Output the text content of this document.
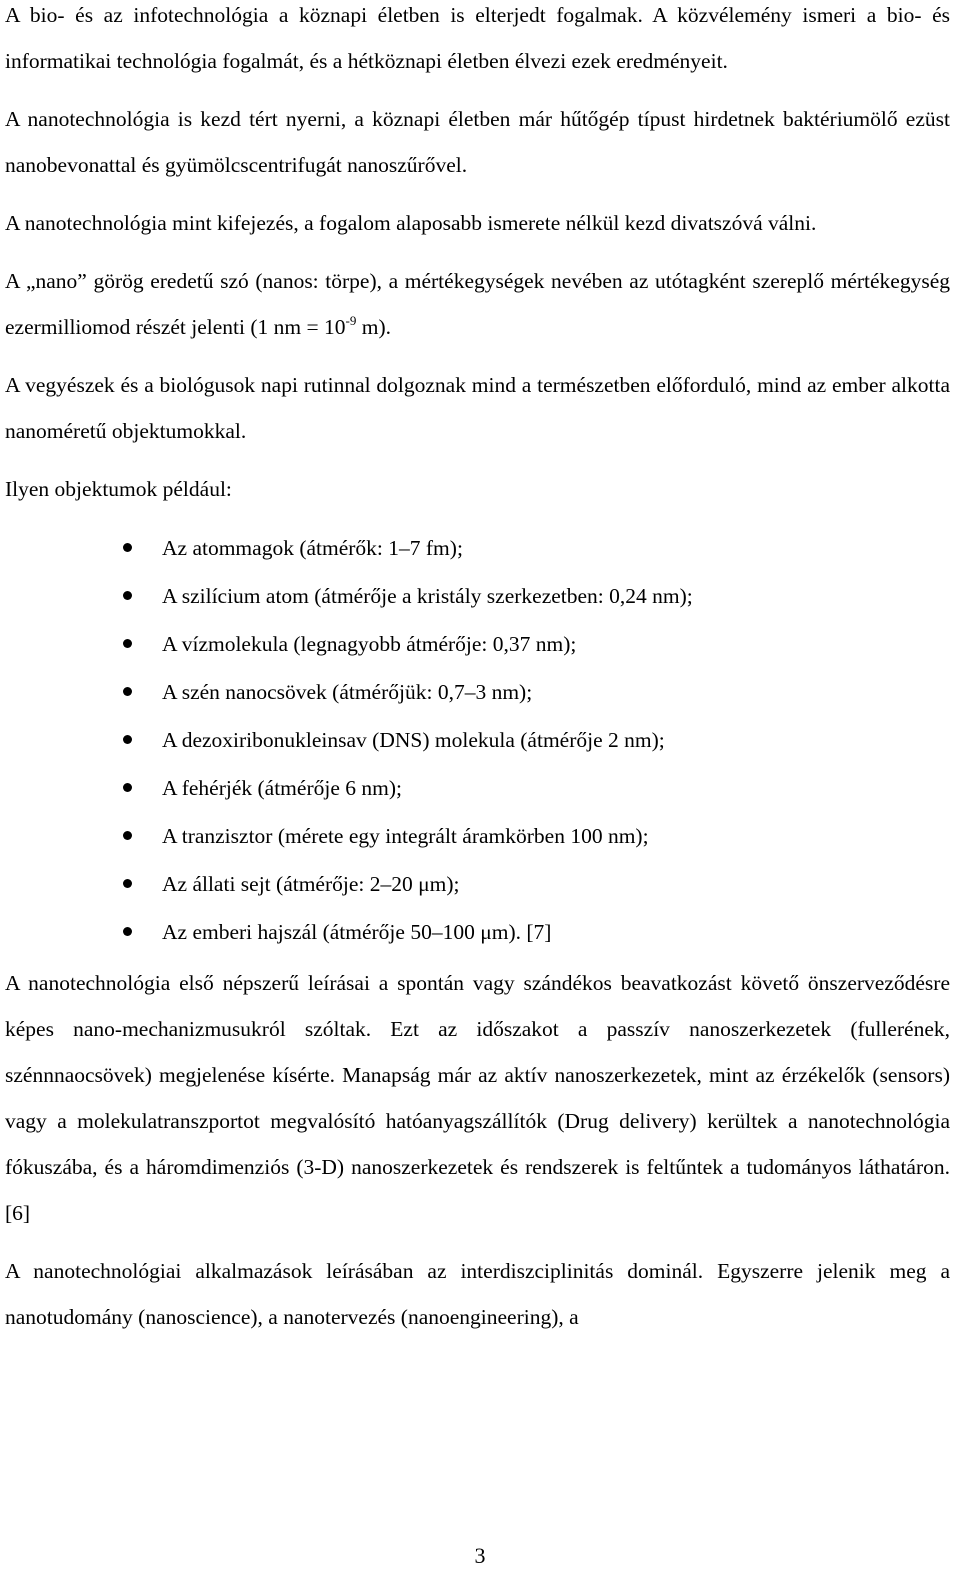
A bio- és az infotechnológia a köznapi életben is elterjedt fogalmak. A közvélemény ismeri a bio- és informatikai technológia fogalmát, és a hétköznapi életben élvezi ezek eredményeit.

A nanotechnológia is kezd tért nyerni, a köznapi életben már hűtőgép típust hirdetnek baktériumölő ezüst nanobevonattal és gyümölcscentrifugát nanoszűrővel.

A nanotechnológia mint kifejezés, a fogalom alaposabb ismerete nélkül kezd divatszóvá válni.

A „nano” görög eredetű szó (nanos: törpe), a mértékegységek nevében az utótagként szereplő mértékegység ezermilliomod részét jelenti (1 nm = $10^{-9}$ m).

A vegyészek és a biológusok napi rutinnal dolgoznak mind a természetben előforduló, mind az ember alkotta nanoméretű objektumokkal.

Ilyen objektumok például:

Az atommagok (átmérők: 1–7 fm);
A szilícium atom (átmérője a kristály szerkezetben: 0,24 nm);
A vízmolekula (legnagyobb átmérője: 0,37 nm);
A szén nanocsövek (átmérőjük: 0,7–3 nm);
A dezoxiribonukleinsav (DNS) molekula (átmérője 2 nm);
A fehérjék (átmérője 6 nm);
A tranzisztor (mérete egy integrált áramkörben 100 nm);
Az állati sejt (átmérője: 2–20 μm);
Az emberi hajszál (átmérője 50–100 μm). [7]

A nanotechnológia első népszerű leírásai a spontán vagy szándékos beavatkozást követő önszerveződésre képes nano-mechanizmusukról szóltak. Ezt az időszakot a passzív nanoszerkezetek (fullerének, szénnnaocsövek) megjelenése kísérte. Manapság már az aktív nanoszerkezetek, mint az érzékelők (sensors) vagy a molekulatranszportot megvalósító hatóanyagszállítók (Drug delivery) kerültek a nanotechnológia fókuszába, és a háromdimenziós (3-D) nanoszerkezetek és rendszerek is feltűntek a tudományos láthatáron. [6]

A nanotechnológiai alkalmazások leírásában az interdiszciplinitás dominál. Egyszerre jelenik meg a nanotudomány (nanoscience), a nanotervezés (nanoengineering), a

3
